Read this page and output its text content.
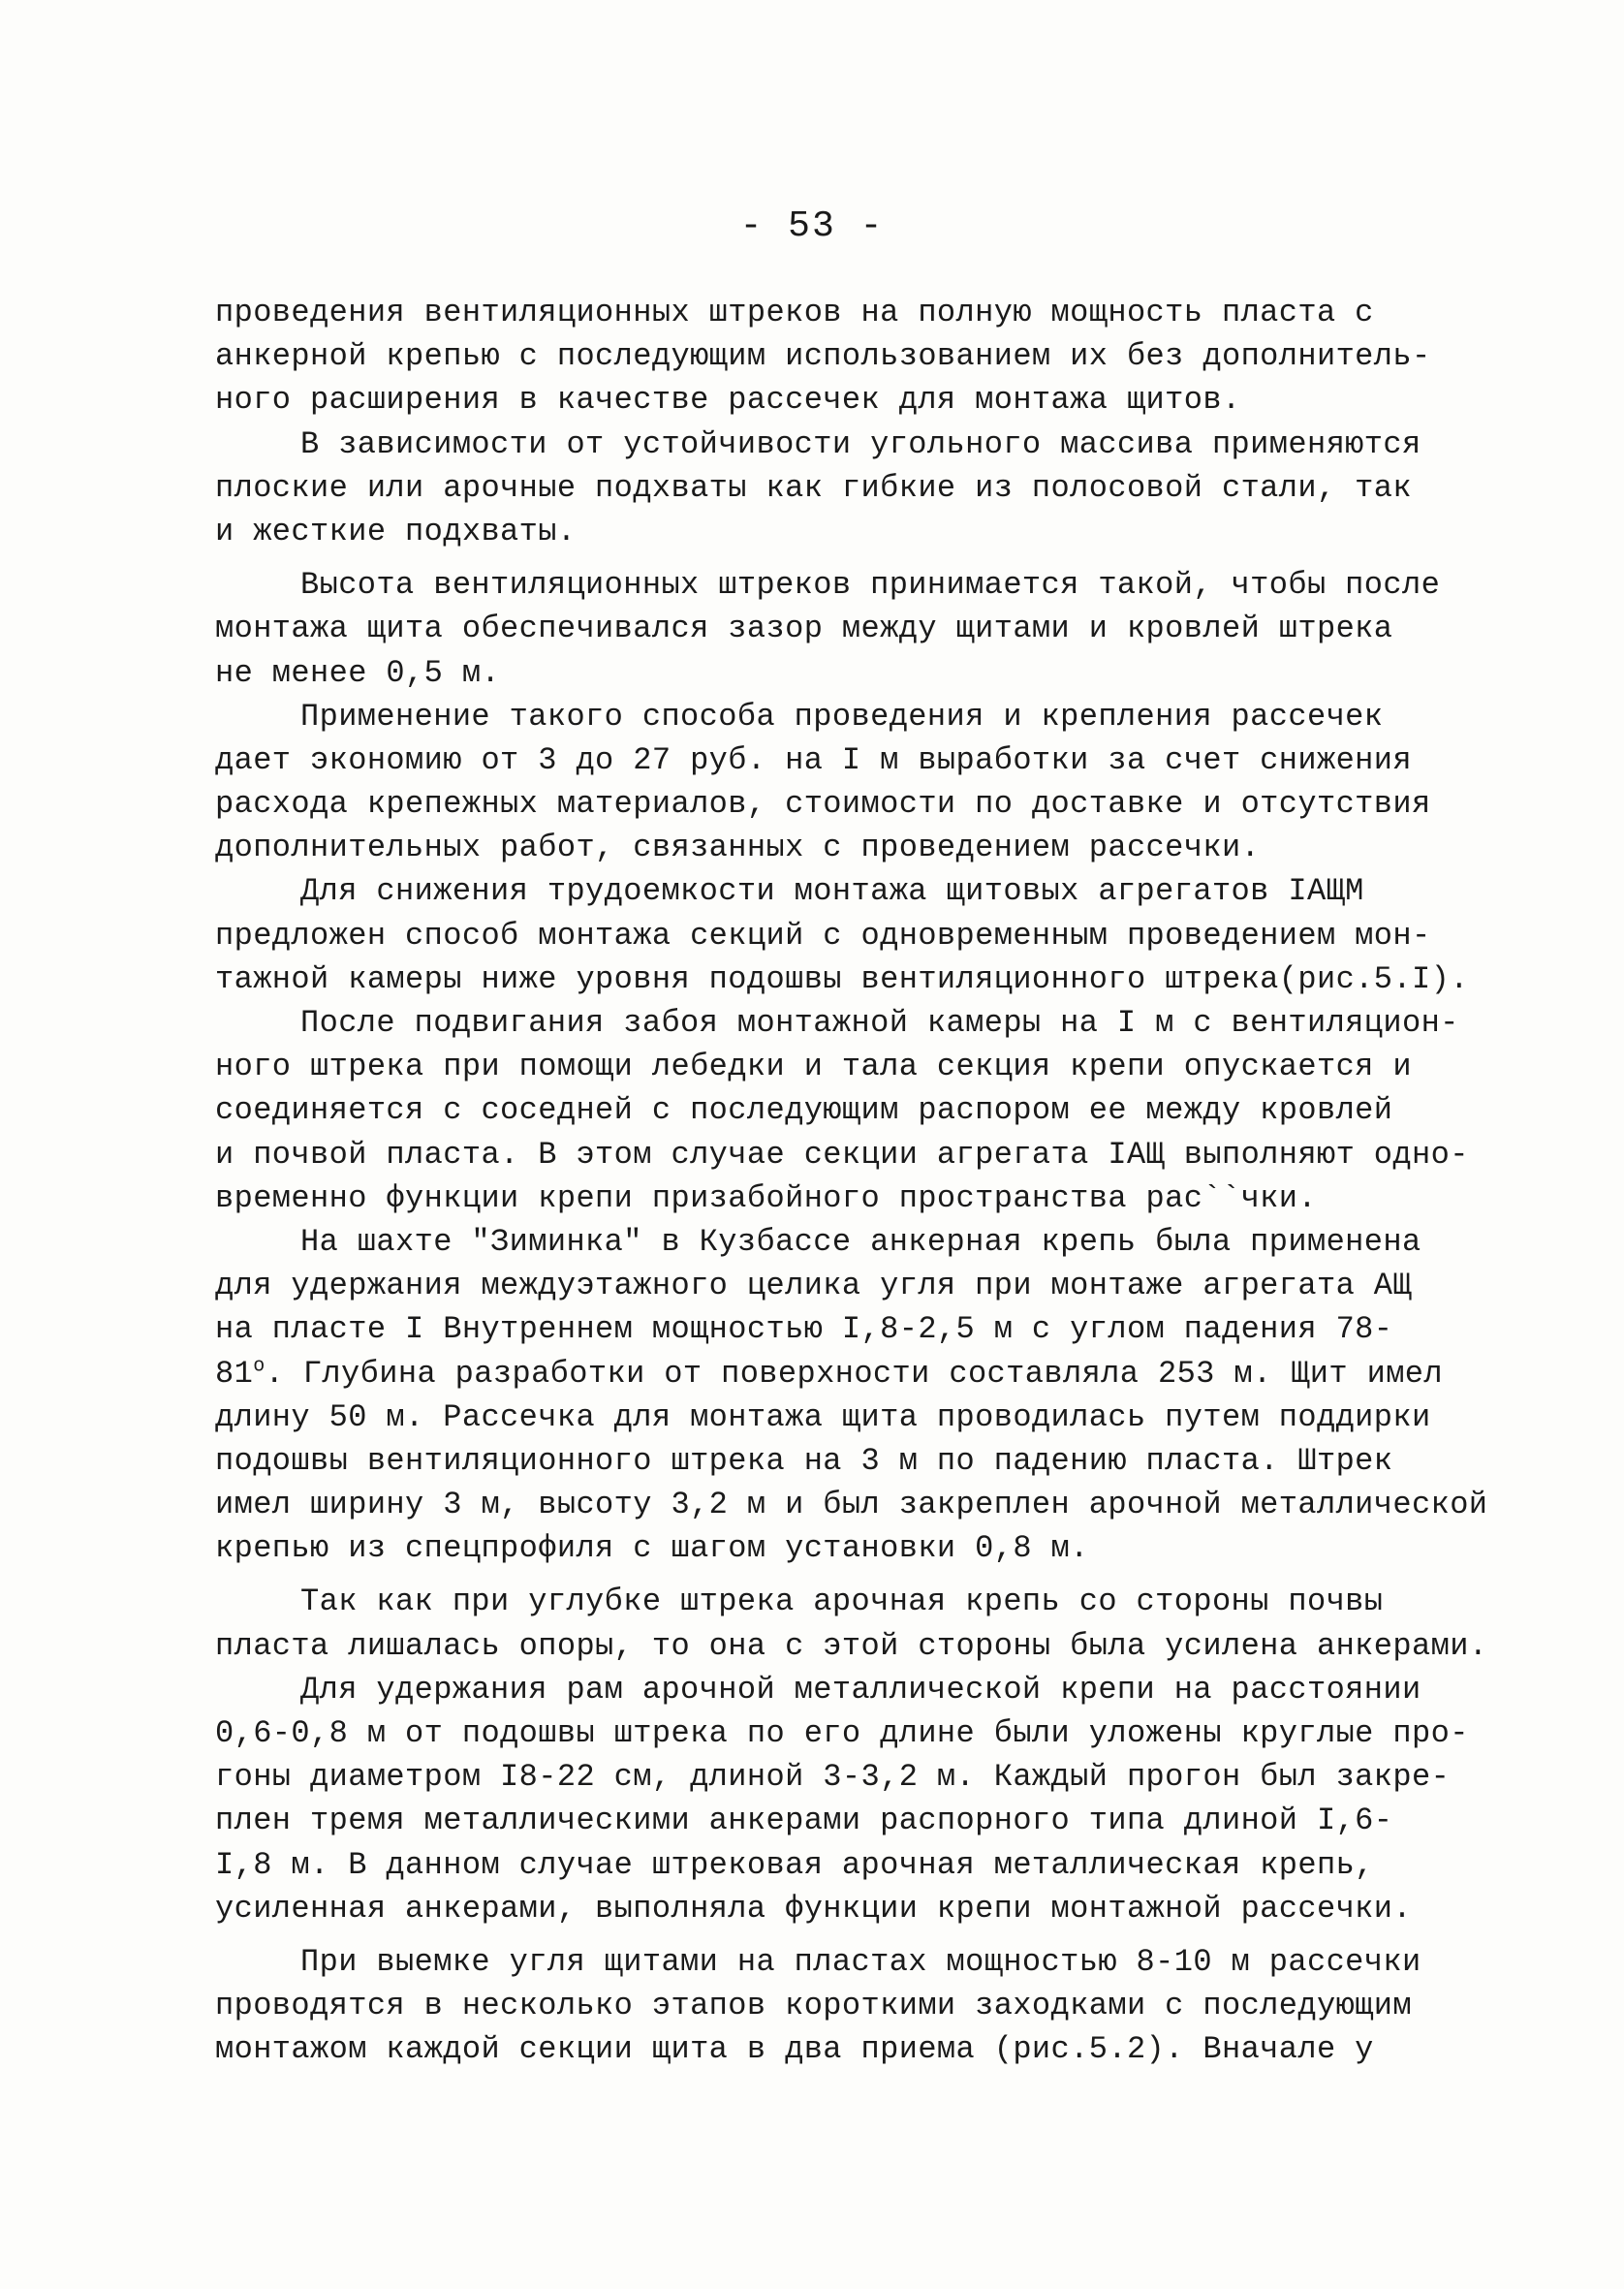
- 53 -
проведения вентиляционных штреков на полную мощность пласта с
анкерной крепью с последующим использованием их без дополнитель-
ного расширения в качестве рассечек для монтажа щитов.
В зависимости от устойчивости угольного массива применяются
плоские или арочные подхваты как гибкие из полосовой стали, так
и жесткие подхваты.
Высота вентиляционных штреков принимается такой, чтобы после
монтажа щита обеспечивался зазор между щитами и кровлей штрека
не менее 0,5 м.
Применение такого способа проведения и крепления рассечек
дает экономию от 3 до 27 руб. на I м выработки за счет снижения
расхода крепежных материалов, стоимости по доставке и отсутствия
дополнительных работ, связанных с проведением рассечки.
Для снижения трудоемкости монтажа щитовых агрегатов IАЩМ
предложен способ монтажа секций с одновременным проведением мон-
тажной камеры ниже уровня подошвы вентиляционного штрека(рис.5.I).
После подвигания забоя монтажной камеры на I м с вентиляцион-
ного штрека при помощи лебедки и тала секция крепи опускается и
соединяется с соседней с последующим распором ее между кровлей
и почвой пласта. В этом случае секции агрегата IАЩ выполняют одно-
временно функции крепи призабойного пространства рас``чки.
На шахте "Зиминка" в Кузбассе анкерная крепь была применена
для удержания междуэтажного целика угля при монтаже агрегата АЩ
на пласте I Внутреннем мощностью I,8-2,5 м с углом падения 78-
$81^о$. Глубина разработки от поверхности составляла 253 м. Щит имел
длину 50 м. Рассечка для монтажа щита проводилась путем поддирки
подошвы вентиляционного штрека на 3 м по падению пласта. Штрек
имел ширину 3 м, высоту 3,2 м и был закреплен арочной металлической
крепью из спецпрофиля с шагом установки 0,8 м.
Так как при углубке штрека арочная крепь со стороны почвы
пласта лишалась опоры, то она с этой стороны была усилена анкерами.
Для удержания рам арочной металлической крепи на расстоянии
0,6-0,8 м от подошвы штрека по его длине были уложены круглые про-
гоны диаметром I8-22 см, длиной 3-3,2 м. Каждый прогон был закре-
плен тремя металлическими анкерами распорного типа длиной I,6-
I,8 м. В данном случае штрековая арочная металлическая крепь,
усиленная анкерами, выполняла функции крепи монтажной рассечки.
При выемке угля щитами на пластах мощностью 8-10 м рассечки
проводятся в несколько этапов короткими заходками с последующим
монтажом каждой секции щита в два приема (рис.5.2). Вначале у
